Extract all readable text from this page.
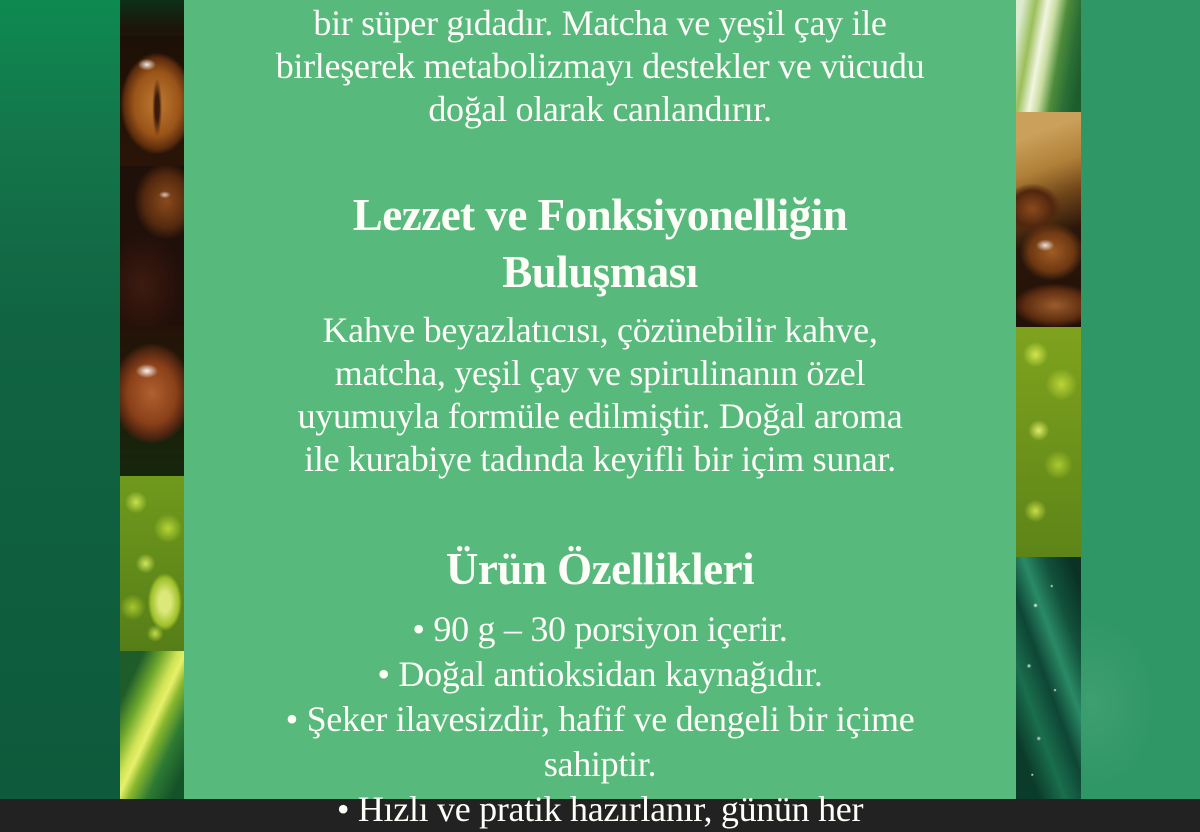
bir süper gıdadır. Matcha ve yeşil çay ile
birleşerek metabolizmayı destekler ve vücudu
doğal olarak canlandırır.
Lezzet ve Fonksiyonelliğin
Buluşması
Kahve beyazlatıcısı, çözünebilir kahve,
matcha, yeşil çay ve spirulinanın özel
uyumuyla formüle edilmiştir. Doğal aroma
ile kurabiye tadında keyifli bir içim sunar.
Ürün Özellikleri
• 90 g – 30 porsiyon içerir.
• Doğal antioksidan kaynağıdır.
• Şeker ilavesizdir, hafif ve dengeli bir içime
sahiptir.
• Hızlı ve pratik hazırlanır, günün her
